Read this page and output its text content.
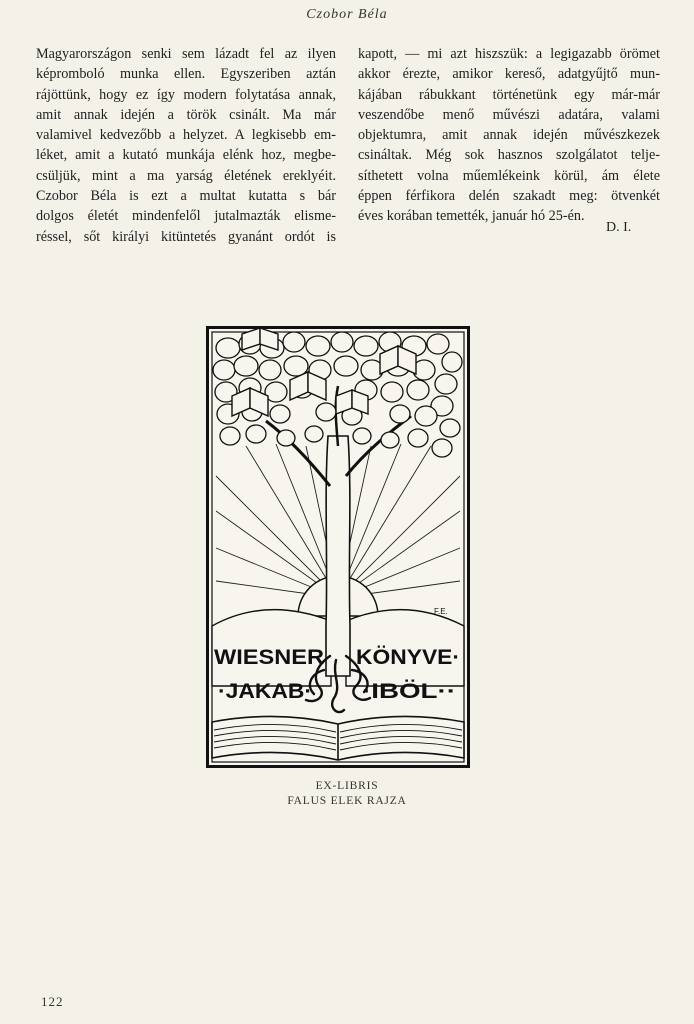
Czobor Béla
Magyarországon senki sem lázadt fel az ilyen
képromboló munka ellen. Egyszeriben aztán
rájöttünk, hogy ez így modern folytatása annak,
amit annak idején a török csinált. Ma már
valamivel kedvezőbb a helyzet. A legkisebb em-
léket, amit a kutató munkája elénk hoz, megbe-
csüljük, mint a ma yarság életének ereklyéit.
Czobor Béla is ezt a multat kutatta s bár
dolgos életét mindenfelől jutalmazták elisme-
réssel, sőt királyi kitüntetés gyanánt ordót is
kapott, — mi azt hiszszük: a legigazabb örömet
akkor érezte, amikor kereső, adatgyűjtő mun-
kájában rábukkant történetünk egy már-már
veszendőbe menő művészi adatára, valami
objektumra, amit annak idején művészkezek
csináltak. Még sok hasznos szolgálatot telje-
síthetett volna műemlékeink körül, ám élete
éppen férfikora delén szakadt meg: ötvenkét
éves korában temették, január hó 25-én.
D. I.
WIESNER KÖNYVE·
·JAKAB· ·IBÖL··
F.E.
EX-LIBRIS
FALUS ELEK RAJZA
122
